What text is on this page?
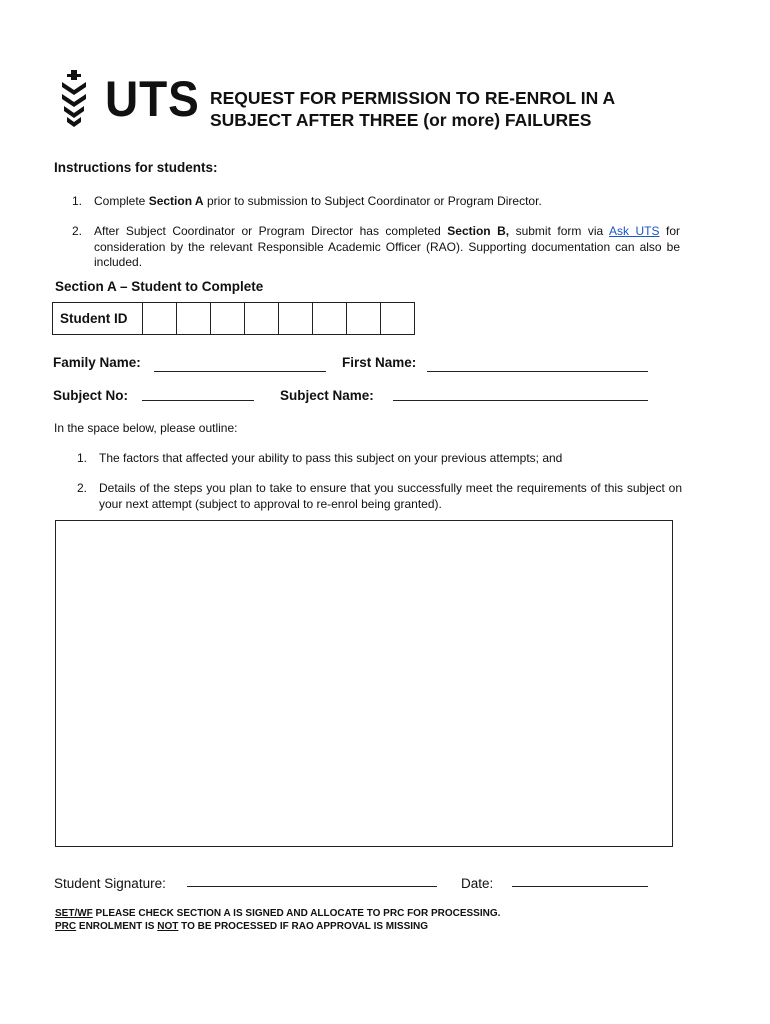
UTS REQUEST FOR PERMISSION TO RE-ENROL IN A
SUBJECT AFTER THREE (or more) FAILURES
Instructions for students:
1. Complete Section A prior to submission to Subject Coordinator or Program Director.
2. After Subject Coordinator or Program Director has completed Section B, submit form via Ask UTS for consideration by the relevant Responsible Academic Officer (RAO). Supporting documentation can also be included.
Section A – Student to Complete
Student ID								
Family Name:	First Name:
Subject No:	Subject Name:
In the space below, please outline:
1. The factors that affected your ability to pass this subject on your previous attempts; and
2. Details of the steps you plan to take to ensure that you successfully meet the requirements of this subject on your next attempt (subject to approval to re-enrol being granted).
Student Signature:	Date:
SET/WF PLEASE CHECK SECTION A IS SIGNED AND ALLOCATE TO PRC FOR PROCESSING.
PRC ENROLMENT IS NOT TO BE PROCESSED IF RAO APPROVAL IS MISSING
